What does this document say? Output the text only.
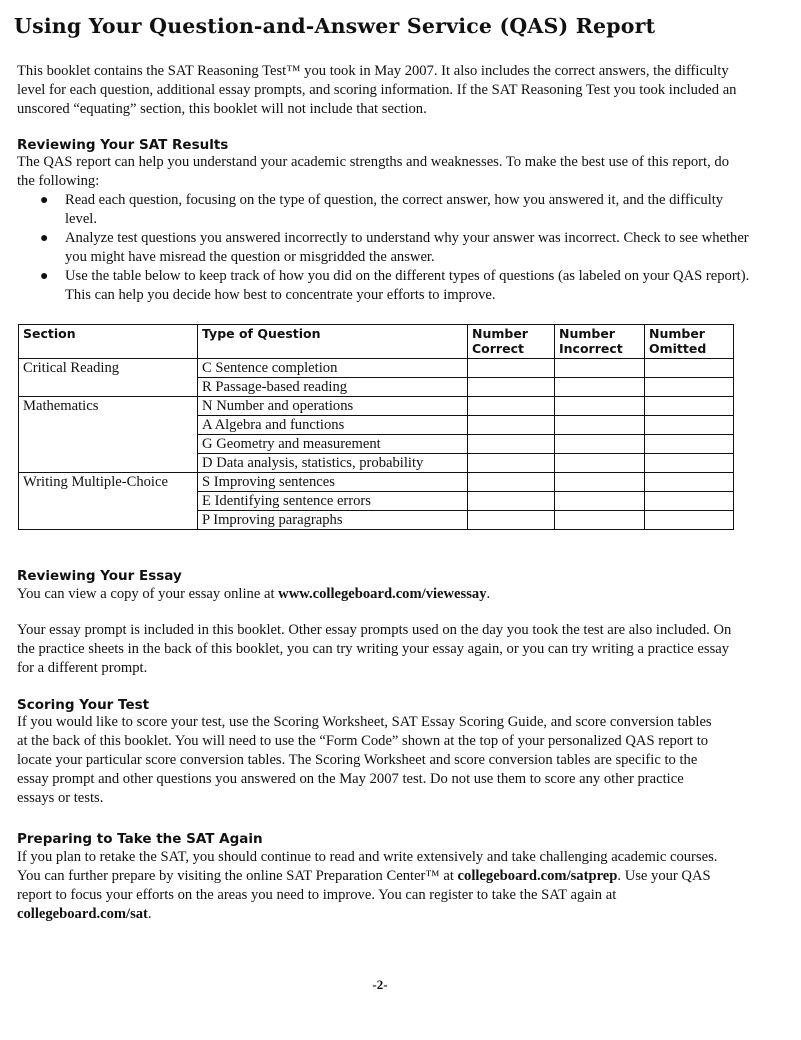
Using Your Question-and-Answer Service (QAS) Report

This booklet contains the SAT Reasoning Test™ you took in May 2007. It also includes the correct answers, the difficulty level for each question, additional essay prompts, and scoring information. If the SAT Reasoning Test you took included an unscored “equating” section, this booklet will not include that section.

Reviewing Your SAT Results

The QAS report can help you understand your academic strengths and weaknesses. To make the best use of this report, do the following:

● Read each question, focusing on the type of question, the correct answer, how you answered it, and the difficulty level.
● Analyze test questions you answered incorrectly to understand why your answer was incorrect. Check to see whether you might have misread the question or misgridded the answer.
● Use the table below to keep track of how you did on the different types of questions (as labeled on your QAS report). This can help you decide how best to concentrate your efforts to improve.
Section	Type of Question	Number Correct	Number Incorrect	Number Omitted
Critical Reading	C Sentence completion			
	R Passage-based reading			
Mathematics	N Number and operations			
	A Algebra and functions			
	G Geometry and measurement			
	D Data analysis, statistics, probability			
Writing Multiple-Choice	S Improving sentences			
	E Identifying sentence errors			
	P Improving paragraphs			
Reviewing Your Essay

You can view a copy of your essay online at www.collegeboard.com/viewessay.

Your essay prompt is included in this booklet. Other essay prompts used on the day you took the test are also included. On the practice sheets in the back of this booklet, you can try writing your essay again, or you can try writing a practice essay for a different prompt.

Scoring Your Test

If you would like to score your test, use the Scoring Worksheet, SAT Essay Scoring Guide, and score conversion tables at the back of this booklet. You will need to use the “Form Code” shown at the top of your personalized QAS report to locate your particular score conversion tables. The Scoring Worksheet and score conversion tables are specific to the essay prompt and other questions you answered on the May 2007 test. Do not use them to score any other practice essays or tests.

Preparing to Take the SAT Again

If you plan to retake the SAT, you should continue to read and write extensively and take challenging academic courses. You can further prepare by visiting the online SAT Preparation Center™ at collegeboard.com/satprep. Use your QAS report to focus your efforts on the areas you need to improve. You can register to take the SAT again at collegeboard.com/sat.

-2-
